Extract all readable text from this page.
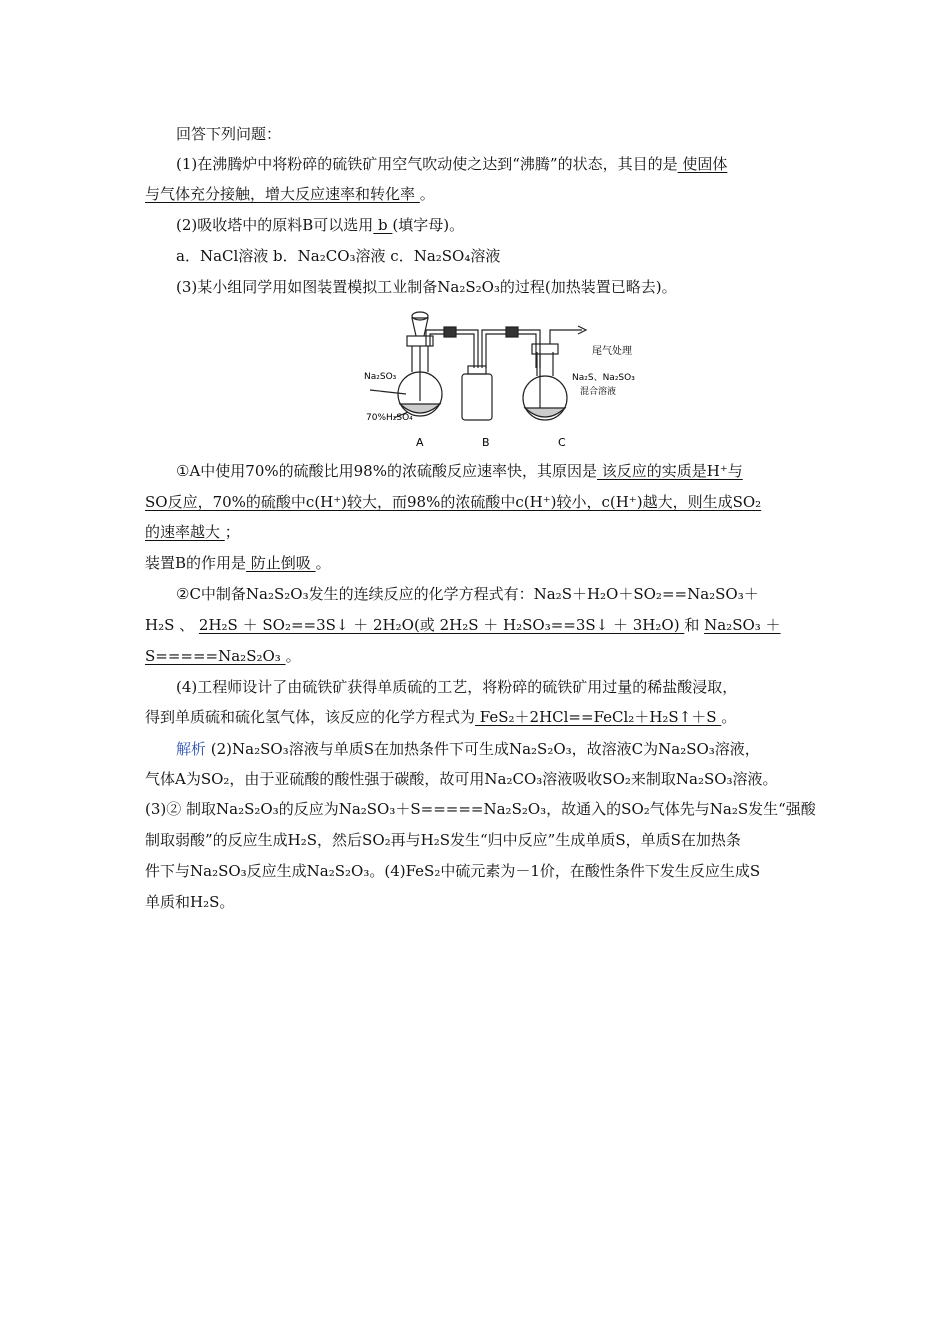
回答下列问题：
(1)在沸腾炉中将粉碎的硫铁矿用空气吹动使之达到“沸腾”的状态，其目的是 使固体
与气体充分接触，增大反应速率和转化率 。
(2)吸收塔中的原料B可以选用 b (填字母)。
a．NaCl溶液 b．Na₂CO₃溶液 c．Na₂SO₄溶液
(3)某小组同学用如图装置模拟工业制备Na₂S₂O₃的过程(加热装置已略去)。
Na₂SO₃
70%H₂SO₄
尾气处理
Na₂S、Na₂SO₃
混合溶液
A	B	C
①A中使用70%的硫酸比用98%的浓硫酸反应速率快，其原因是 该反应的实质是H⁺与
SO反应，70%的硫酸中c(H⁺)较大，而98%的浓硫酸中c(H⁺)较小，c(H⁺)越大，则生成SO₂
的速率越大 ；
装置B的作用是 防止倒吸 。
②C中制备Na₂S₂O₃发生的连续反应的化学方程式有：Na₂S＋H₂O＋SO₂==Na₂SO₃＋
H₂S 、 2H₂S ＋ SO₂==3S↓ ＋ 2H₂O(或 2H₂S ＋ H₂SO₃==3S↓ ＋ 3H₂O) 和 Na₂SO₃ ＋
S=====Na₂S₂O₃ 。
(4)工程师设计了由硫铁矿获得单质硫的工艺，将粉碎的硫铁矿用过量的稀盐酸浸取，
得到单质硫和硫化氢气体，该反应的化学方程式为 FeS₂＋2HCl==FeCl₂＋H₂S↑＋S 。
解析 (2)Na₂SO₃溶液与单质S在加热条件下可生成Na₂S₂O₃，故溶液C为Na₂SO₃溶液，
气体A为SO₂，由于亚硫酸的酸性强于碳酸，故可用Na₂CO₃溶液吸收SO₂来制取Na₂SO₃溶液。
(3)② 制取Na₂S₂O₃的反应为Na₂SO₃＋S=====Na₂S₂O₃，故通入的SO₂气体先与Na₂S发生“强酸
制取弱酸”的反应生成H₂S，然后SO₂再与H₂S发生“归中反应”生成单质S，单质S在加热条
件下与Na₂SO₃反应生成Na₂S₂O₃。(4)FeS₂中硫元素为－1价，在酸性条件下发生反应生成S
单质和H₂S。
